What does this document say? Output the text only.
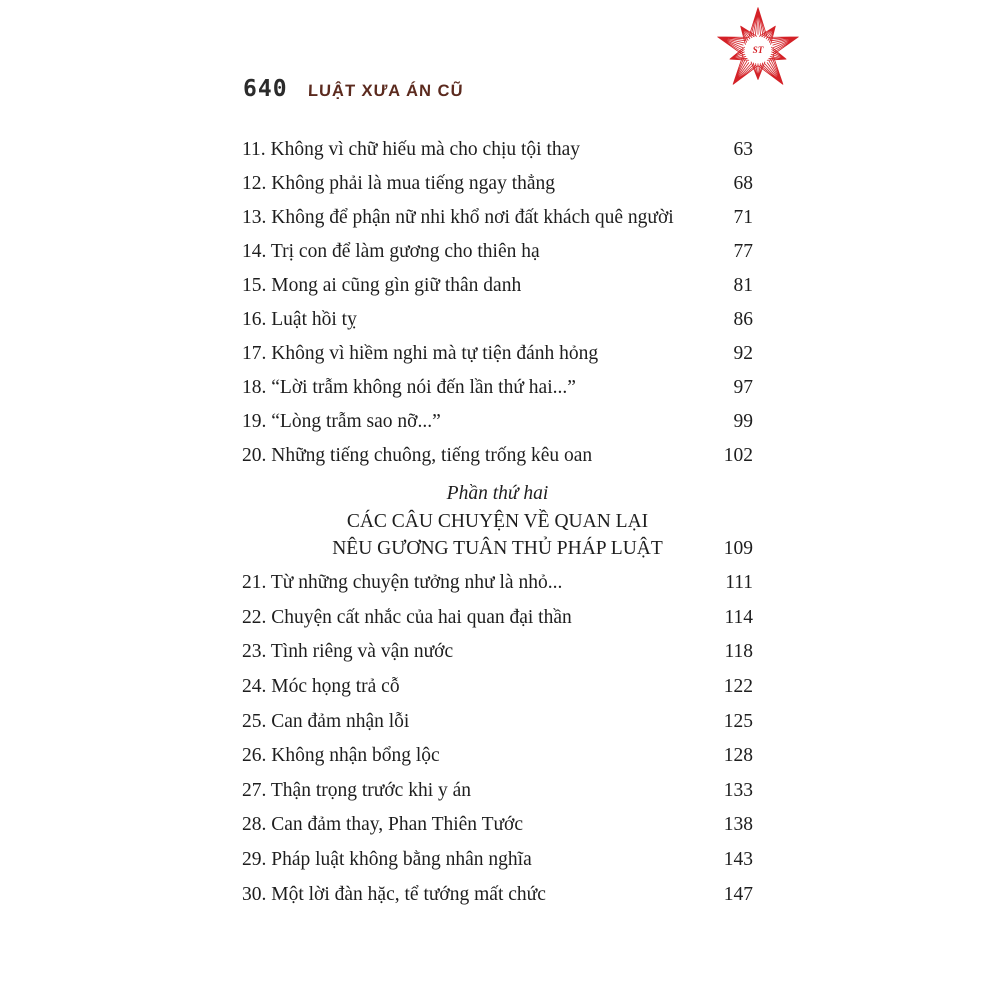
640 LUẬT XƯA ÁN CŨ
ST
11. Không vì chữ hiếu mà cho chịu tội thay	63
12. Không phải là mua tiếng ngay thẳng	68
13. Không để phận nữ nhi khổ nơi đất khách quê người	71
14. Trị con để làm gương cho thiên hạ	77
15. Mong ai cũng gìn giữ thân danh	81
16. Luật hồi tỵ	86
17. Không vì hiềm nghi mà tự tiện đánh hỏng	92
18. “Lời trẫm không nói đến lần thứ hai...”	97
19. “Lòng trẫm sao nỡ...”	99
20. Những tiếng chuông, tiếng trống kêu oan	102
Phần thứ hai
CÁC CÂU CHUYỆN VỀ QUAN LẠI
NÊU GƯƠNG TUÂN THỦ PHÁP LUẬT	109
21. Từ những chuyện tưởng như là nhỏ...	111
22. Chuyện cất nhắc của hai quan đại thần	114
23. Tình riêng và vận nước	118
24. Móc họng trả cỗ	122
25. Can đảm nhận lỗi	125
26. Không nhận bổng lộc	128
27. Thận trọng trước khi y án	133
28. Can đảm thay, Phan Thiên Tước	138
29. Pháp luật không bằng nhân nghĩa	143
30. Một lời đàn hặc, tể tướng mất chức	147
